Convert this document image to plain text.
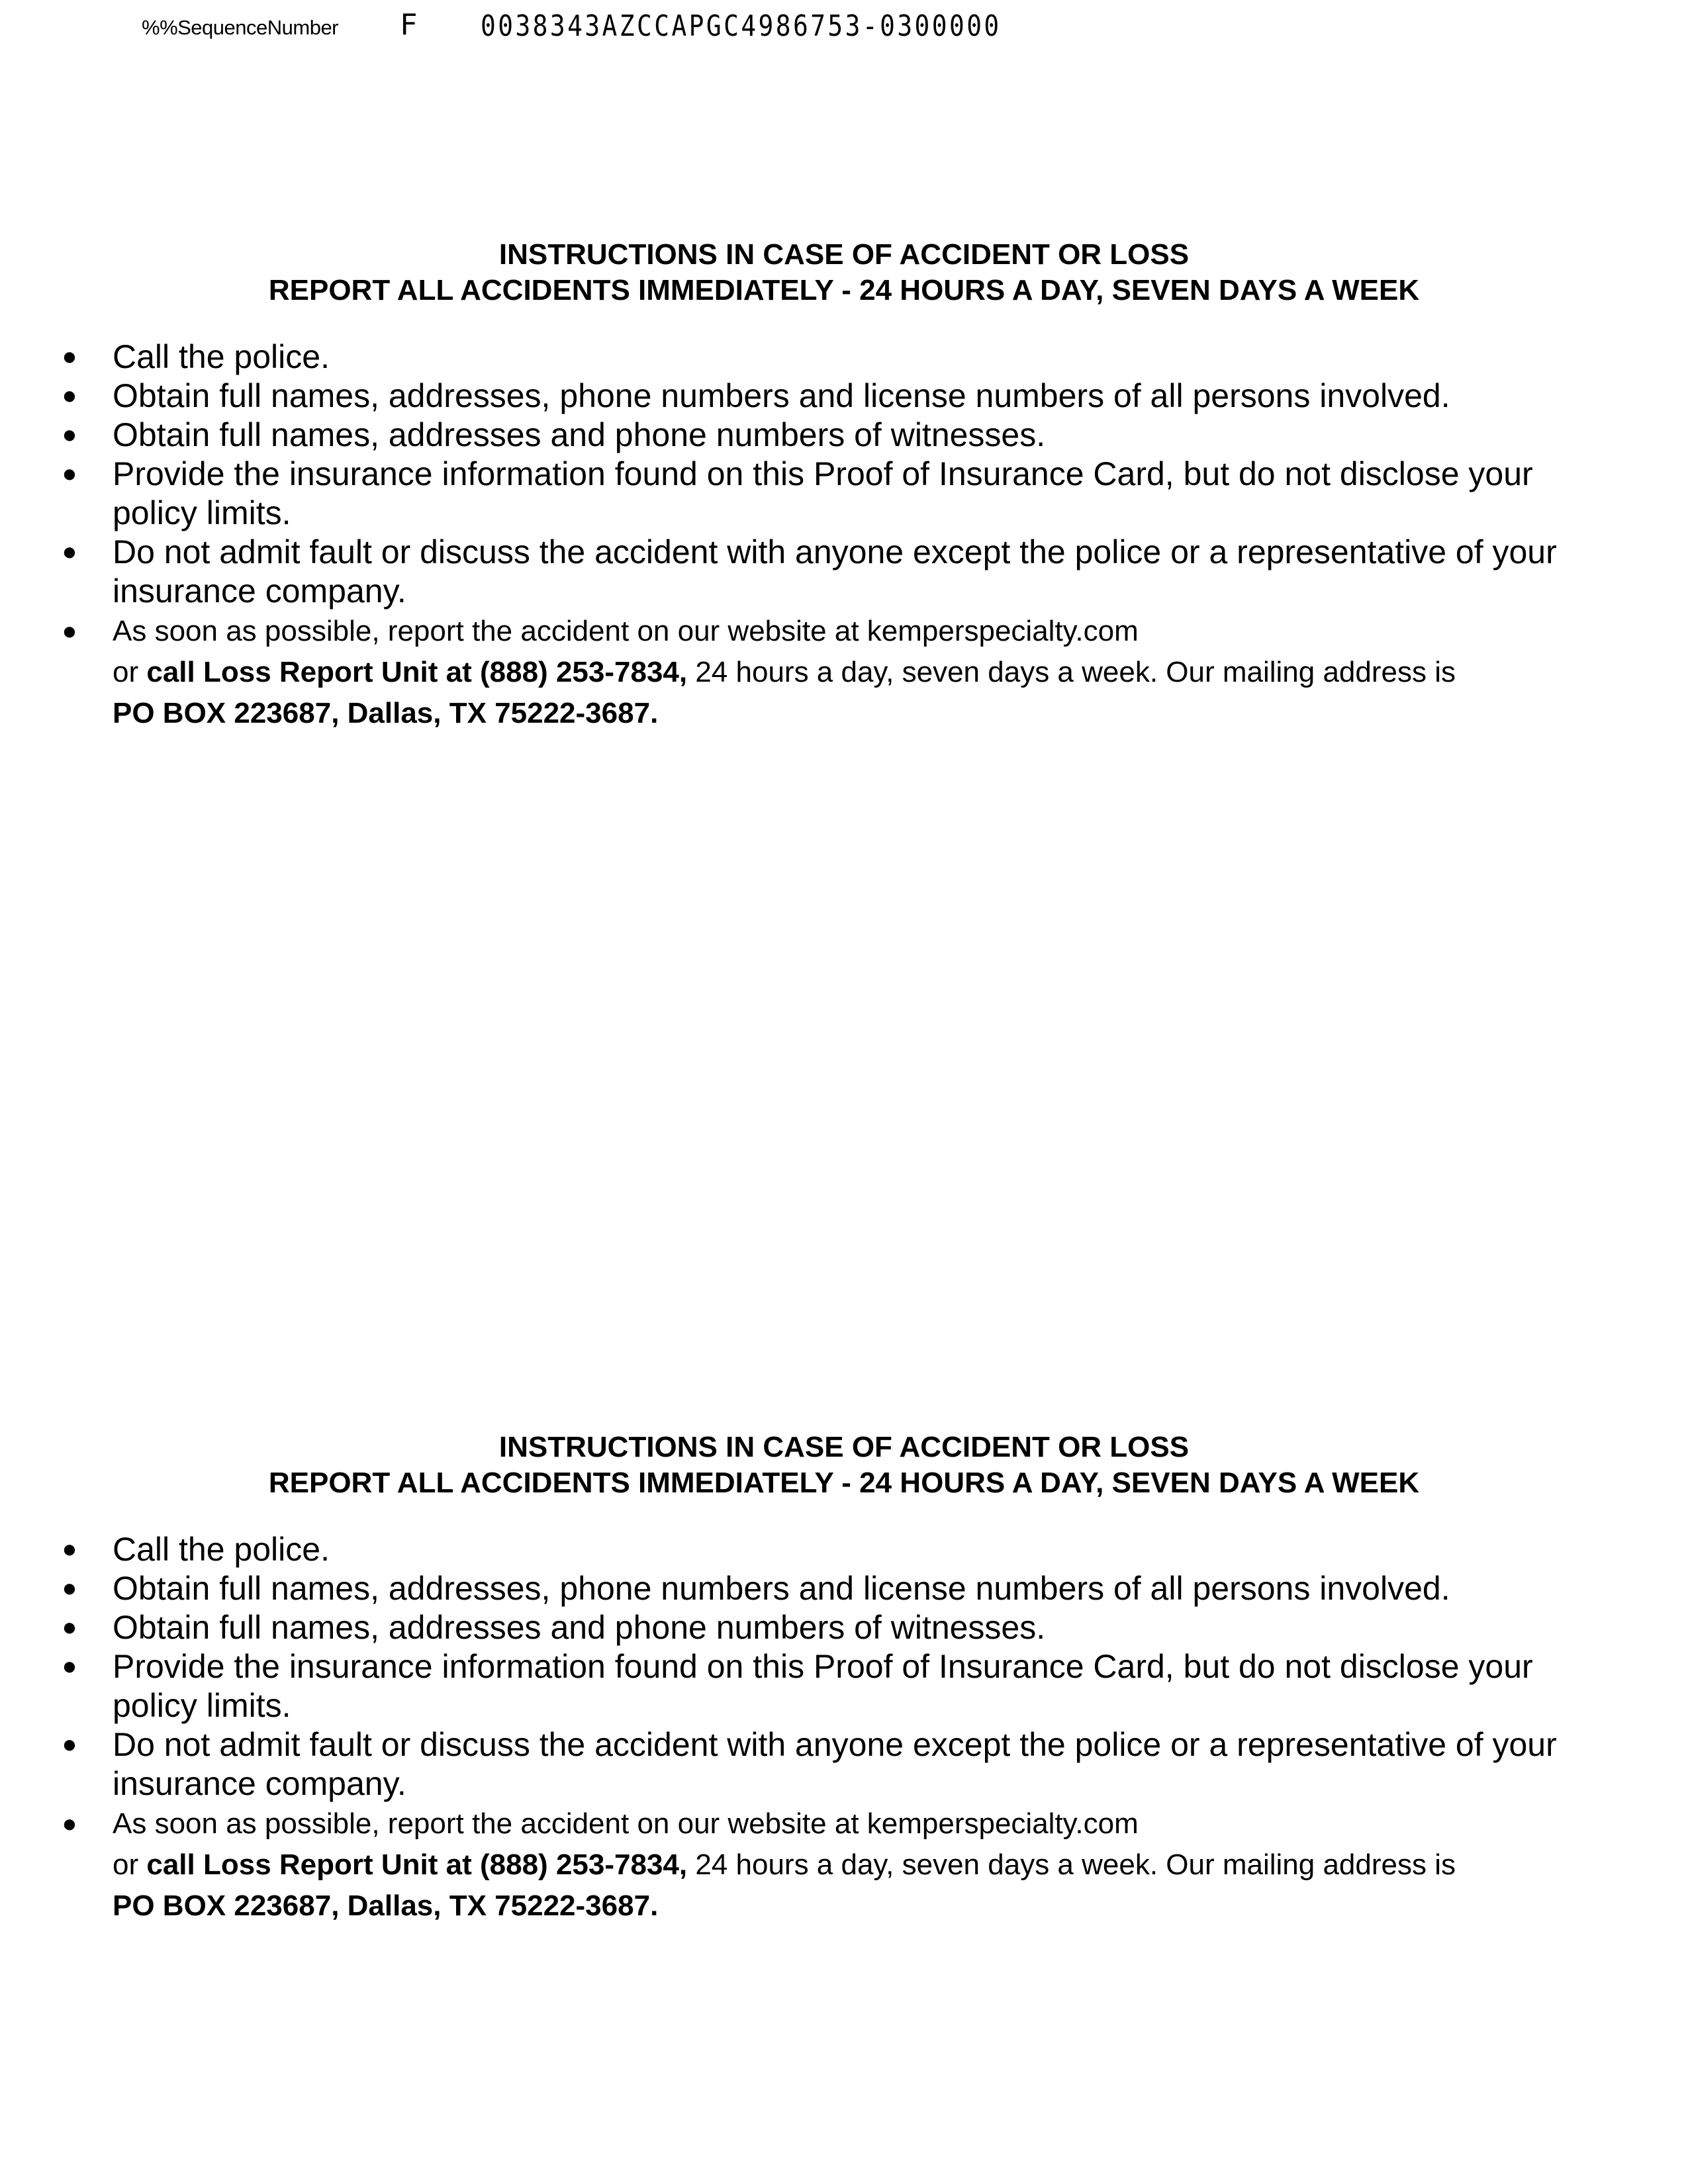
%%SequenceNumber F 0038343AZCCAPGC4986753-0300000

INSTRUCTIONS IN CASE OF ACCIDENT OR LOSS

REPORT ALL ACCIDENTS IMMEDIATELY - 24 HOURS A DAY, SEVEN DAYS A WEEK

● Call the police.
● Obtain full names, addresses, phone numbers and license numbers of all persons involved.
● Obtain full names, addresses and phone numbers of witnesses.
● Provide the insurance information found on this Proof of Insurance Card, but do not disclose your policy limits.
● Do not admit fault or discuss the accident with anyone except the police or a representative of your insurance company.
● As soon as possible, report the accident on our website at kemperspecialty.com
or call Loss Report Unit at (888) 253-7834, 24 hours a day, seven days a week. Our mailing address is
PO BOX 223687, Dallas, TX 75222-3687.

INSTRUCTIONS IN CASE OF ACCIDENT OR LOSS

REPORT ALL ACCIDENTS IMMEDIATELY - 24 HOURS A DAY, SEVEN DAYS A WEEK

● Call the police.
● Obtain full names, addresses, phone numbers and license numbers of all persons involved.
● Obtain full names, addresses and phone numbers of witnesses.
● Provide the insurance information found on this Proof of Insurance Card, but do not disclose your policy limits.
● Do not admit fault or discuss the accident with anyone except the police or a representative of your insurance company.
● As soon as possible, report the accident on our website at kemperspecialty.com
or call Loss Report Unit at (888) 253-7834, 24 hours a day, seven days a week. Our mailing address is
PO BOX 223687, Dallas, TX 75222-3687.
